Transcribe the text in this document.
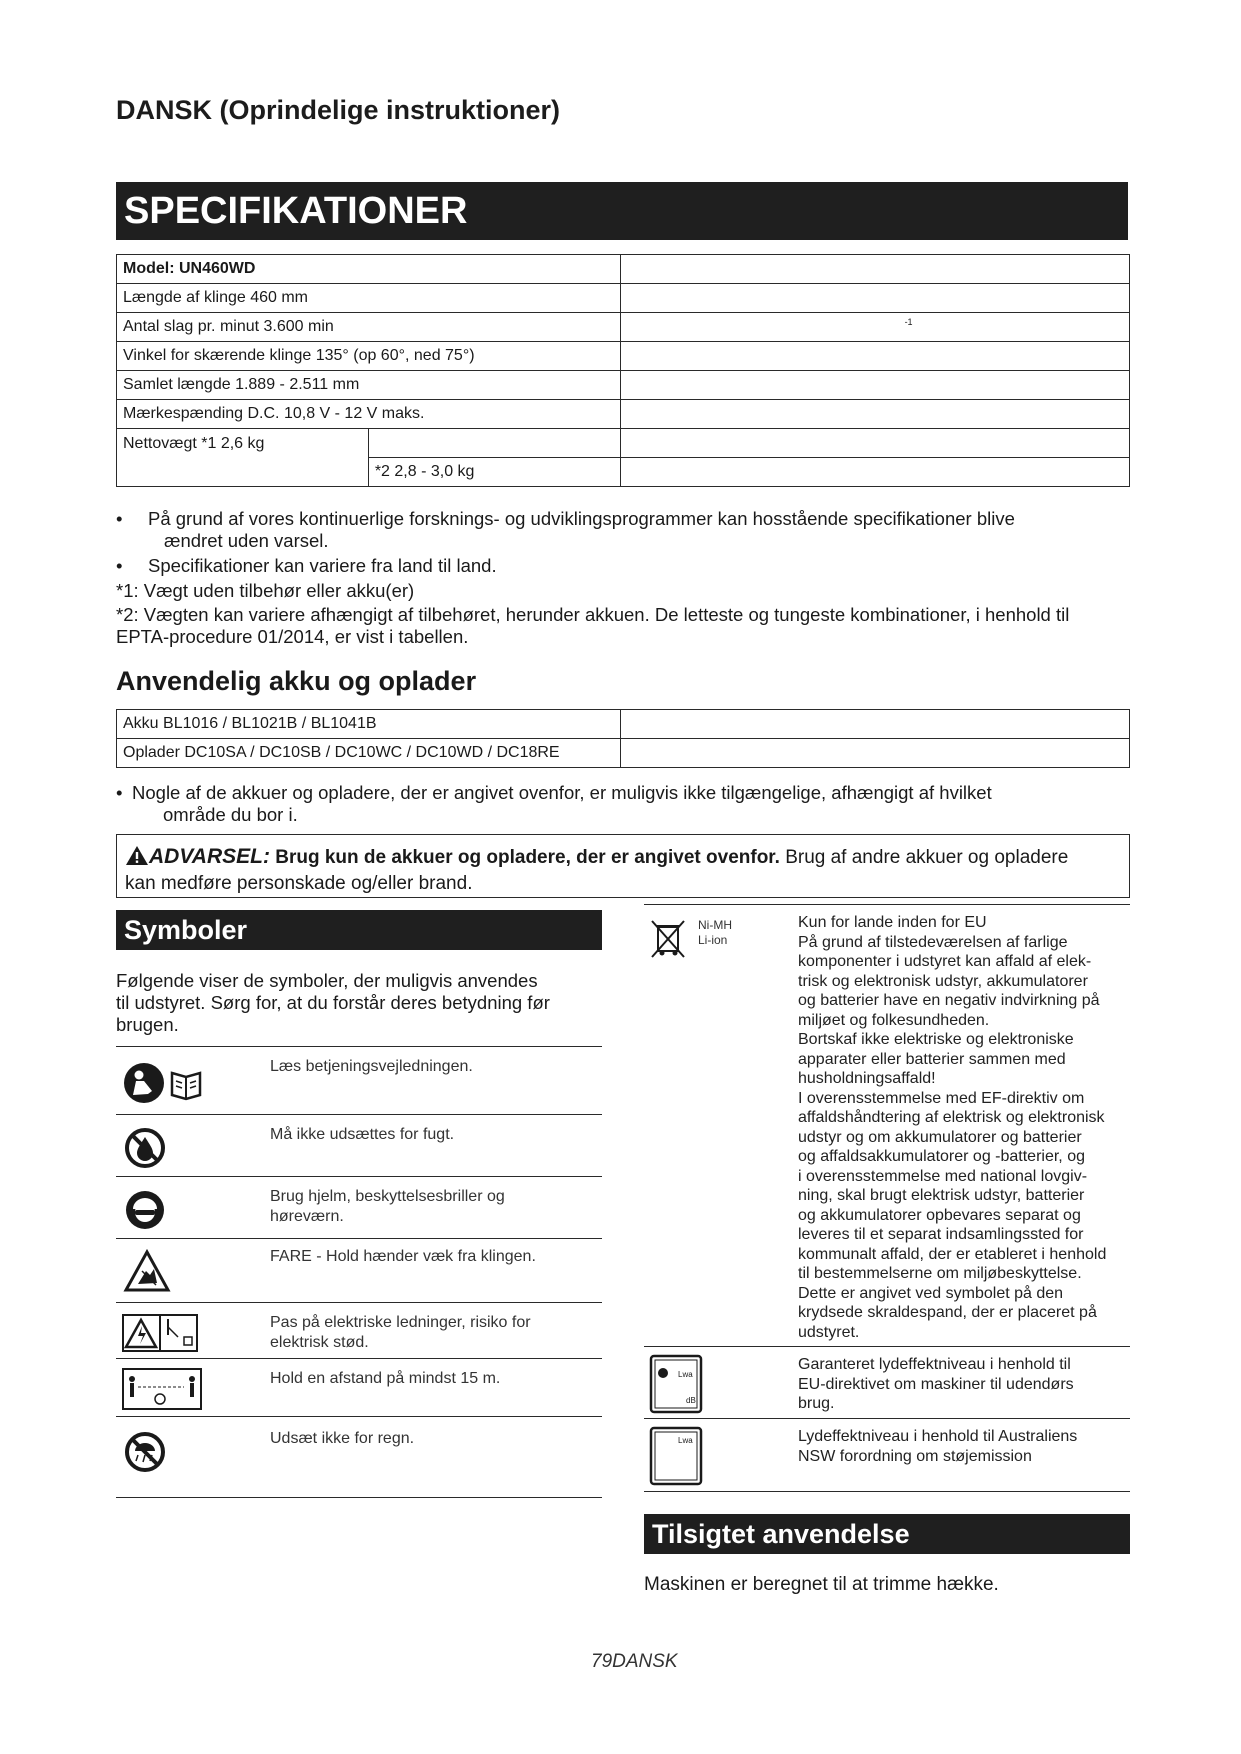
DANSK (Oprindelige instruktioner)
SPECIFIKATIONER
Model: UN460WD		
Længde af klinge 460 mm		
Antal slag pr. minut 3.600 min		-1

Vinkel for skærende klinge 135° (op 60°, ned 75°)		
Samlet længde 1.889 - 2.511 mm		
Mærkespænding D.C. 10,8 V - 12 V maks.		
Nettovægt *1 2,6 kg		
	*2 2,8 - 3,0 kg	
• På grund af vores kontinuerlige forsknings- og udviklingsprogrammer kan hosstående specifikationer blive
ændret uden varsel.
• Specifikationer kan variere fra land til land.
*1: Vægt uden tilbehør eller akku(er)
*2: Vægten kan variere afhængigt af tilbehøret, herunder akkuen. De letteste og tungeste kombinationer, i henhold til
EPTA-procedure 01/2014, er vist i tabellen.
Anvendelig akku og oplader
Akku BL1016 / BL1021B / BL1041B	
Oplader DC10SA / DC10SB / DC10WC / DC10WD / DC18RE	
• Nogle af de akkuer og opladere, der er angivet ovenfor, er muligvis ikke tilgængelige, afhængigt af hvilket
område du bor i.
ADVARSEL: Brug kun de akkuer og opladere, der er angivet ovenfor. Brug af andre akkuer og opladere
kan medføre personskade og/eller brand.
Symboler
Følgende viser de symboler, der muligvis anvendes
til udstyret. Sørg for, at du forstår deres betydning før
brugen.
Læs betjeningsvejledningen.
Må ikke udsættes for fugt.
Brug hjelm, beskyttelsesbriller og
høreværn.
FARE - Hold hænder væk fra klingen.
Pas på elektriske ledninger, risiko for
elektrisk stød.
Hold en afstand på mindst 15 m.
Udsæt ikke for regn.
Ni-MH
Li-ion
Kun for lande inden for EU
På grund af tilstedeværelsen af farlige
komponenter i udstyret kan affald af elek-
trisk og elektronisk udstyr, akkumulatorer
og batterier have en negativ indvirkning på
miljøet og folkesundheden.
Bortskaf ikke elektriske og elektroniske
apparater eller batterier sammen med
husholdningsaffald!
I overensstemmelse med EF-direktiv om
affaldshåndtering af elektrisk og elektronisk
udstyr og om akkumulatorer og batterier
og affaldsakkumulatorer og -batterier, og
i overensstemmelse med national lovgiv-
ning, skal brugt elektrisk udstyr, batterier
og akkumulatorer opbevares separat og
leveres til et separat indsamlingssted for
kommunalt affald, der er etableret i henhold
til bestemmelserne om miljøbeskyttelse.
Dette er angivet ved symbolet på den
krydsede skraldespand, der er placeret på
udstyret.
Lwa
dB
Garanteret lydeffektniveau i henhold til
EU-direktivet om maskiner til udendørs
brug.
Lwa	Lydeffektniveau i henhold til Australiens
NSW forordning om støjemission
Tilsigtet anvendelse
Maskinen er beregnet til at trimme hække.
79DANSK
